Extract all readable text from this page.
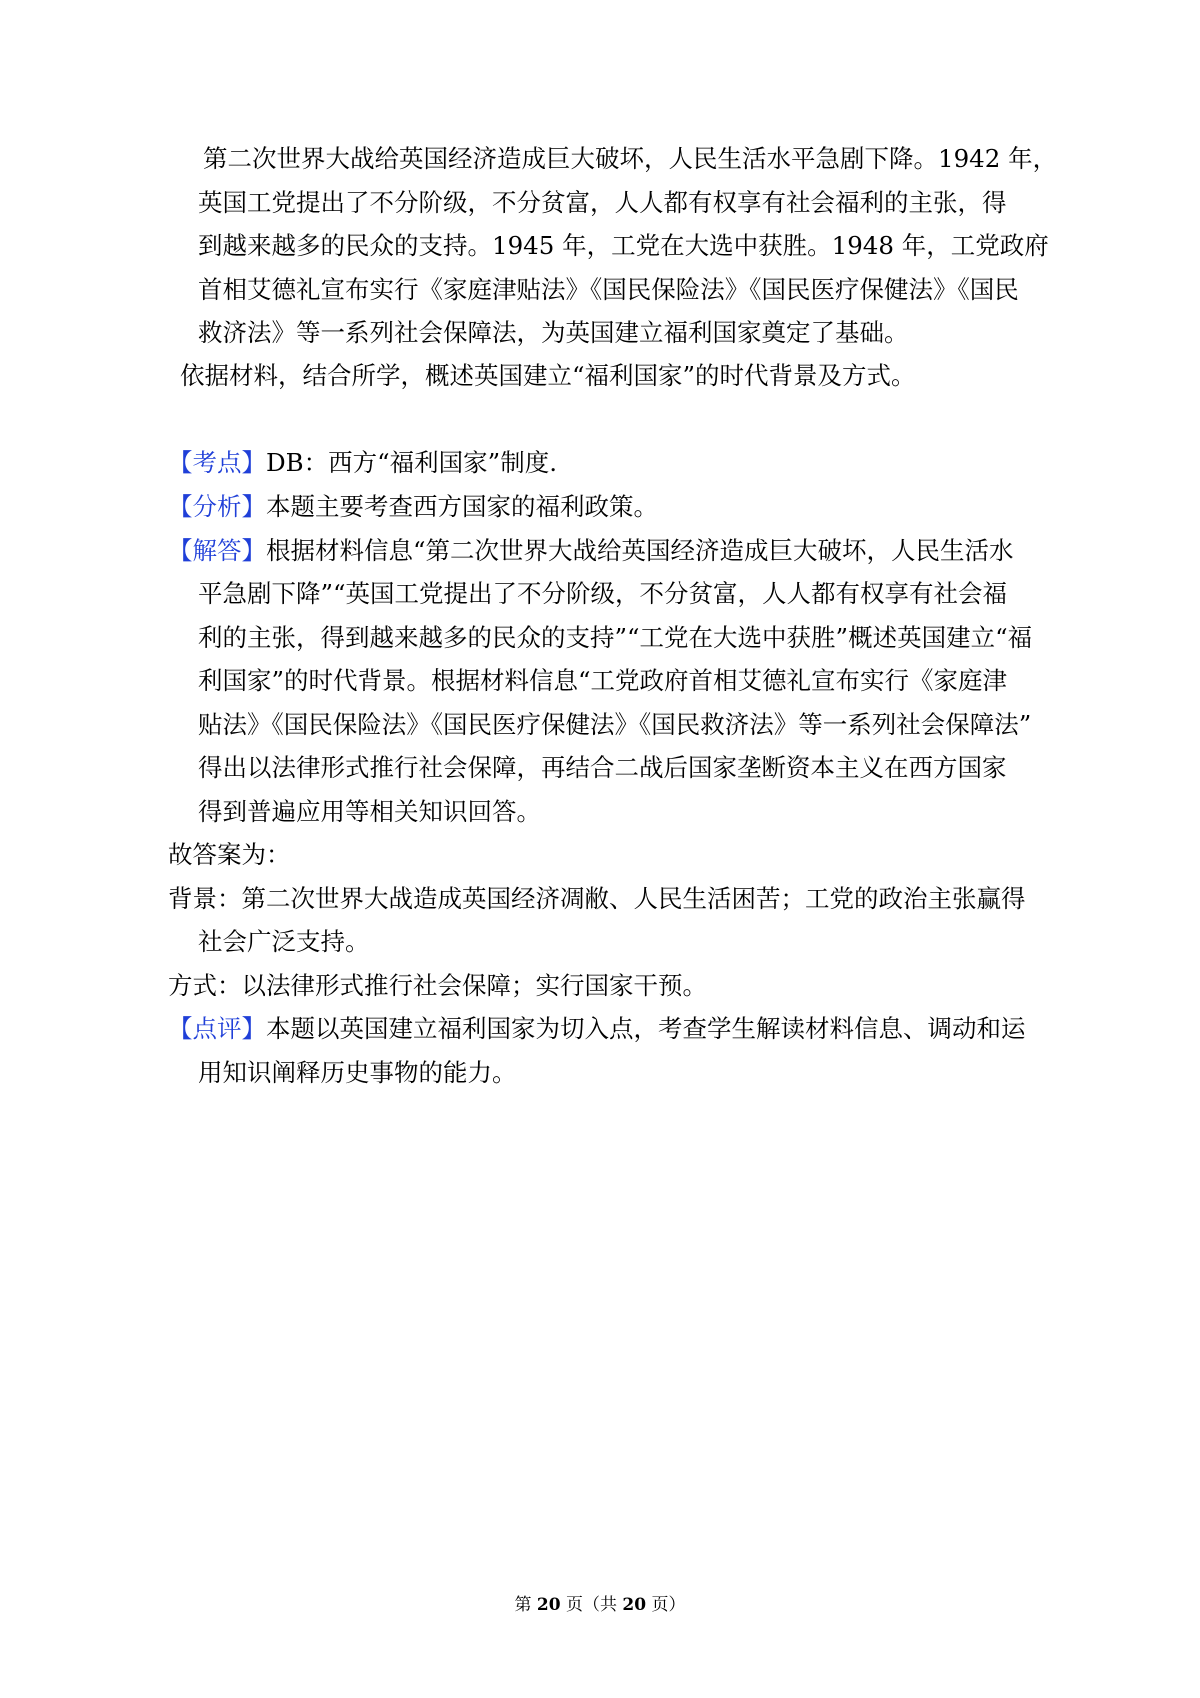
第二次世界大战给英国经济造成巨大破坏，人民生活水平急剧下降。1942 年，
英国工党提出了不分阶级，不分贫富，人人都有权享有社会福利的主张，得
到越来越多的民众的支持。1945 年，工党在大选中获胜。1948 年，工党政府
首相艾德礼宣布实行《家庭津贴法》《国民保险法》《国民医疗保健法》《国民
救济法》等一系列社会保障法，为英国建立福利国家奠定了基础。
依据材料，结合所学，概述英国建立“福利国家”的时代背景及方式。
【考点】DB：西方“福利国家”制度.
【分析】本题主要考查西方国家的福利政策。
【解答】根据材料信息“第二次世界大战给英国经济造成巨大破坏，人民生活水
平急剧下降”“英国工党提出了不分阶级，不分贫富，人人都有权享有社会福
利的主张，得到越来越多的民众的支持”“工党在大选中获胜”概述英国建立“福
利国家”的时代背景。根据材料信息“工党政府首相艾德礼宣布实行《家庭津
贴法》《国民保险法》《国民医疗保健法》《国民救济法》等一系列社会保障法”
得出以法律形式推行社会保障，再结合二战后国家垄断资本主义在西方国家
得到普遍应用等相关知识回答。
故答案为：
背景：第二次世界大战造成英国经济凋敝、人民生活困苦；工党的政治主张赢得
社会广泛支持。
方式：以法律形式推行社会保障；实行国家干预。
【点评】本题以英国建立福利国家为切入点，考查学生解读材料信息、调动和运
用知识阐释历史事物的能力。
第 20 页（共 20 页）
